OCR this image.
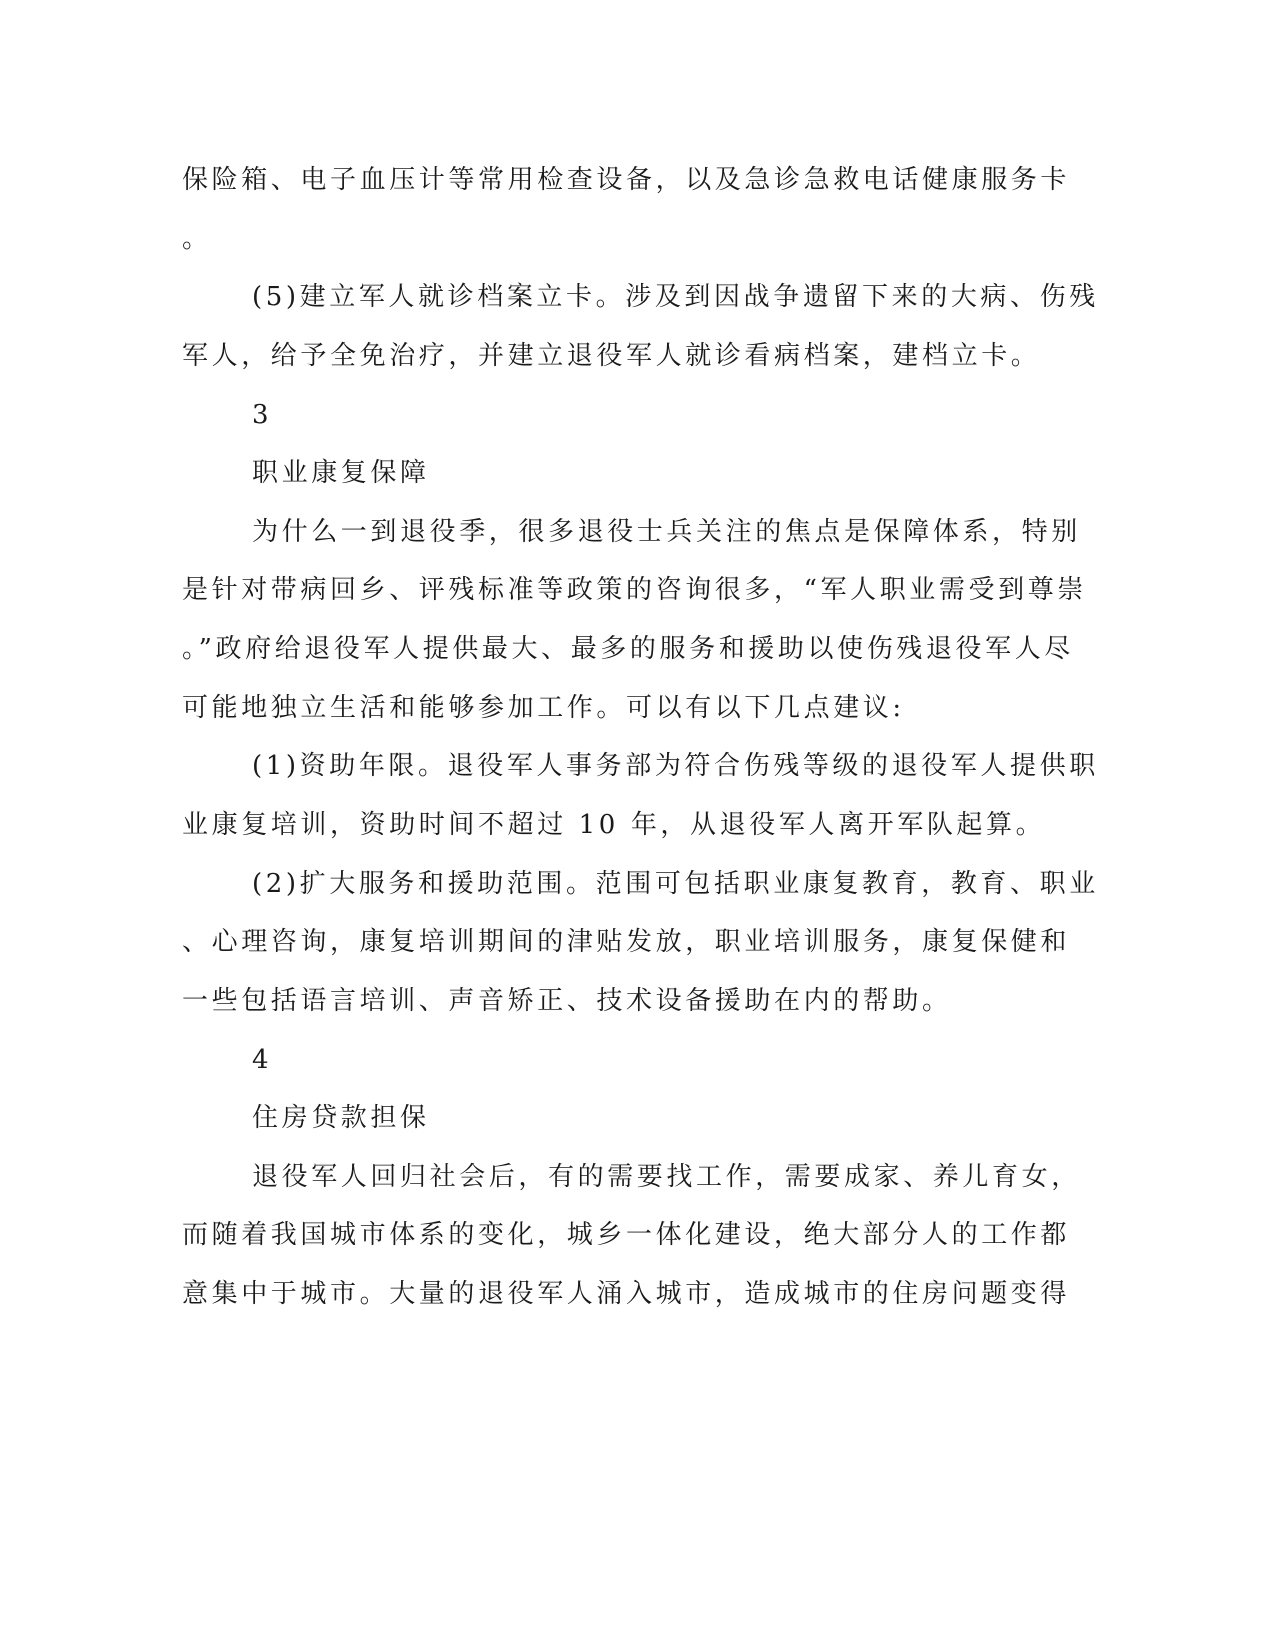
保险箱、电子血压计等常用检查设备，以及急诊急救电话健康服务卡
。
(5)建立军人就诊档案立卡。涉及到因战争遗留下来的大病、伤残
军人，给予全免治疗，并建立退役军人就诊看病档案，建档立卡。
3
职业康复保障
为什么一到退役季，很多退役士兵关注的焦点是保障体系，特别
是针对带病回乡、评残标准等政策的咨询很多，“军人职业需受到尊崇
。”政府给退役军人提供最大、最多的服务和援助以使伤残退役军人尽
可能地独立生活和能够参加工作。可以有以下几点建议:
(1)资助年限。退役军人事务部为符合伤残等级的退役军人提供职
业康复培训，资助时间不超过 10 年，从退役军人离开军队起算。
(2)扩大服务和援助范围。范围可包括职业康复教育，教育、职业
、心理咨询，康复培训期间的津贴发放，职业培训服务，康复保健和
一些包括语言培训、声音矫正、技术设备援助在内的帮助。
4
住房贷款担保
退役军人回归社会后，有的需要找工作，需要成家、养儿育女，
而随着我国城市体系的变化，城乡一体化建设，绝大部分人的工作都
意集中于城市。大量的退役军人涌入城市，造成城市的住房问题变得
